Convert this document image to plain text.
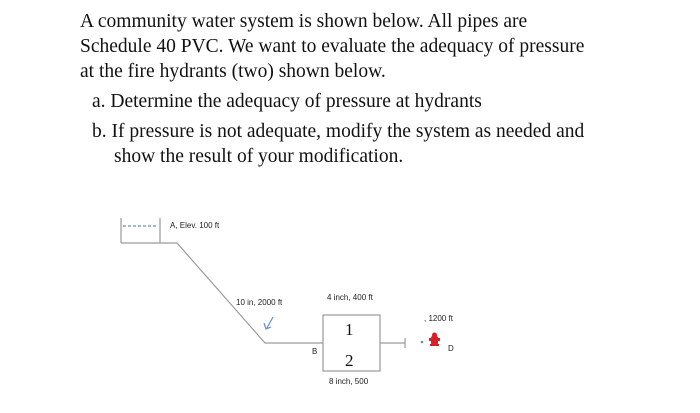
A community water system is shown below. All pipes are
Schedule 40 PVC. We want to evaluate the adequacy of pressure
at the fire hydrants (two) shown below.
a. Determine the adequacy of pressure at hydrants
b. If pressure is not adequate, modify the system as needed and
show the result of your modification.
A, Elev. 100 ft
10 in, 2000 ft
4 inch, 400 ft
1
2
B
8 inch, 500
, 1200 ft
D
